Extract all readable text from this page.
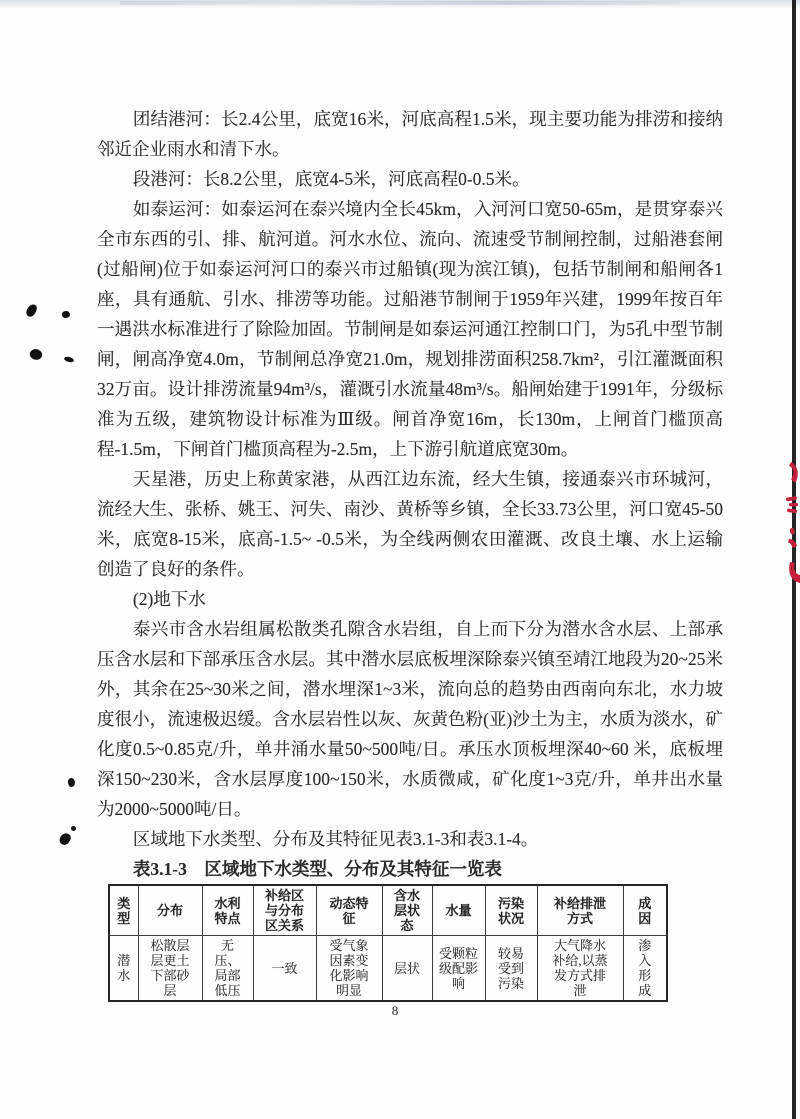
团结港河：长2.4公里，底宽16米，河底高程1.5米，现主要功能为排涝和接纳邻近企业雨水和清下水。

段港河：长8.2公里，底宽4-5米，河底高程0-0.5米。

如泰运河：如泰运河在泰兴境内全长45km，入河河口宽50-65m，是贯穿泰兴全市东西的引、排、航河道。河水水位、流向、流速受节制闸控制，过船港套闸(过船闸)位于如泰运河河口的泰兴市过船镇(现为滨江镇)，包括节制闸和船闸各1座，具有通航、引水、排涝等功能。过船港节制闸于1959年兴建，1999年按百年一遇洪水标准进行了除险加固。节制闸是如泰运河通江控制口门，为5孔中型节制闸，闸高净宽4.0m，节制闸总净宽21.0m，规划排涝面积258.7km²，引江灌溉面积32万亩。设计排涝流量94m³/s，灌溉引水流量48m³/s。船闸始建于1991年，分级标准为五级，建筑物设计标准为Ⅲ级。闸首净宽16m，长130m，上闸首门槛顶高程-1.5m，下闸首门槛顶高程为-2.5m，上下游引航道底宽30m。

天星港，历史上称黄家港，从西江边东流，经大生镇，接通泰兴市环城河，流经大生、张桥、姚王、河失、南沙、黄桥等乡镇，全长33.73公里，河口宽45-50米，底宽8-15米，底高-1.5~ -0.5米，为全线两侧农田灌溉、改良土壤、水上运输创造了良好的条件。

(2)地下水

泰兴市含水岩组属松散类孔隙含水岩组，自上而下分为潜水含水层、上部承压含水层和下部承压含水层。其中潜水层底板埋深除泰兴镇至靖江地段为20~25米外，其余在25~30米之间，潜水埋深1~3米，流向总的趋势由西南向东北，水力坡度很小，流速极迟缓。含水层岩性以灰、灰黄色粉(亚)沙土为主，水质为淡水，矿化度0.5~0.85克/升，单井涌水量50~500吨/日。承压水顶板埋深40~60 米，底板埋深150~230米，含水层厚度100~150米，水质微咸，矿化度1~3克/升，单井出水量为2000~5000吨/日。

区域地下水类型、分布及其特征见表3.1-3和表3.1-4。

表3.1-3　区域地下水类型、分布及其特征一览表

类型	分布	水利特点	补给区与分布区关系	动态特征	含水层状态	水量	污染状况	补给排泄方式	成因
潜水	松散层层更土下部砂层	无压、局部低压	一致	受气象因素变化影响明显	层状	受颗粒级配影响	较易受到污染	大气降水补给,以蒸发方式排泄	渗入形成
8
